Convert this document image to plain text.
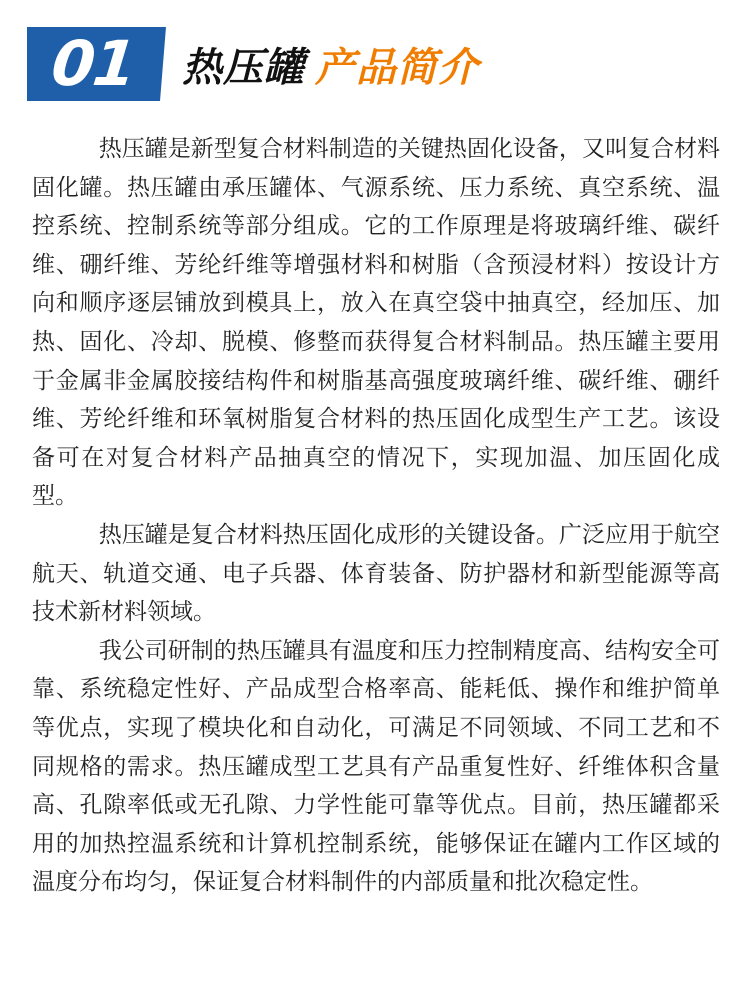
01 热压罐 产品简介

热压罐是新型复合材料制造的关键热固化设备，又叫复合材料固化罐。热压罐由承压罐体、气源系统、压力系统、真空系统、温控系统、控制系统等部分组成。它的工作原理是将玻璃纤维、碳纤维、硼纤维、芳纶纤维等增强材料和树脂（含预浸材料）按设计方向和顺序逐层铺放到模具上，放入在真空袋中抽真空，经加压、加热、固化、冷却、脱模、修整而获得复合材料制品。热压罐主要用于金属非金属胶接结构件和树脂基高强度玻璃纤维、碳纤维、硼纤维、芳纶纤维和环氧树脂复合材料的热压固化成型生产工艺。该设备可在对复合材料产品抽真空的情况下，实现加温、加压固化成型。

热压罐是复合材料热压固化成形的关键设备。广泛应用于航空航天、轨道交通、电子兵器、体育装备、防护器材和新型能源等高技术新材料领域。

我公司研制的热压罐具有温度和压力控制精度高、结构安全可靠、系统稳定性好、产品成型合格率高、能耗低、操作和维护简单等优点，实现了模块化和自动化，可满足不同领域、不同工艺和不同规格的需求。热压罐成型工艺具有产品重复性好、纤维体积含量高、孔隙率低或无孔隙、力学性能可靠等优点。目前，热压罐都采用的加热控温系统和计算机控制系统，能够保证在罐内工作区域的温度分布均匀，保证复合材料制件的内部质量和批次稳定性。
